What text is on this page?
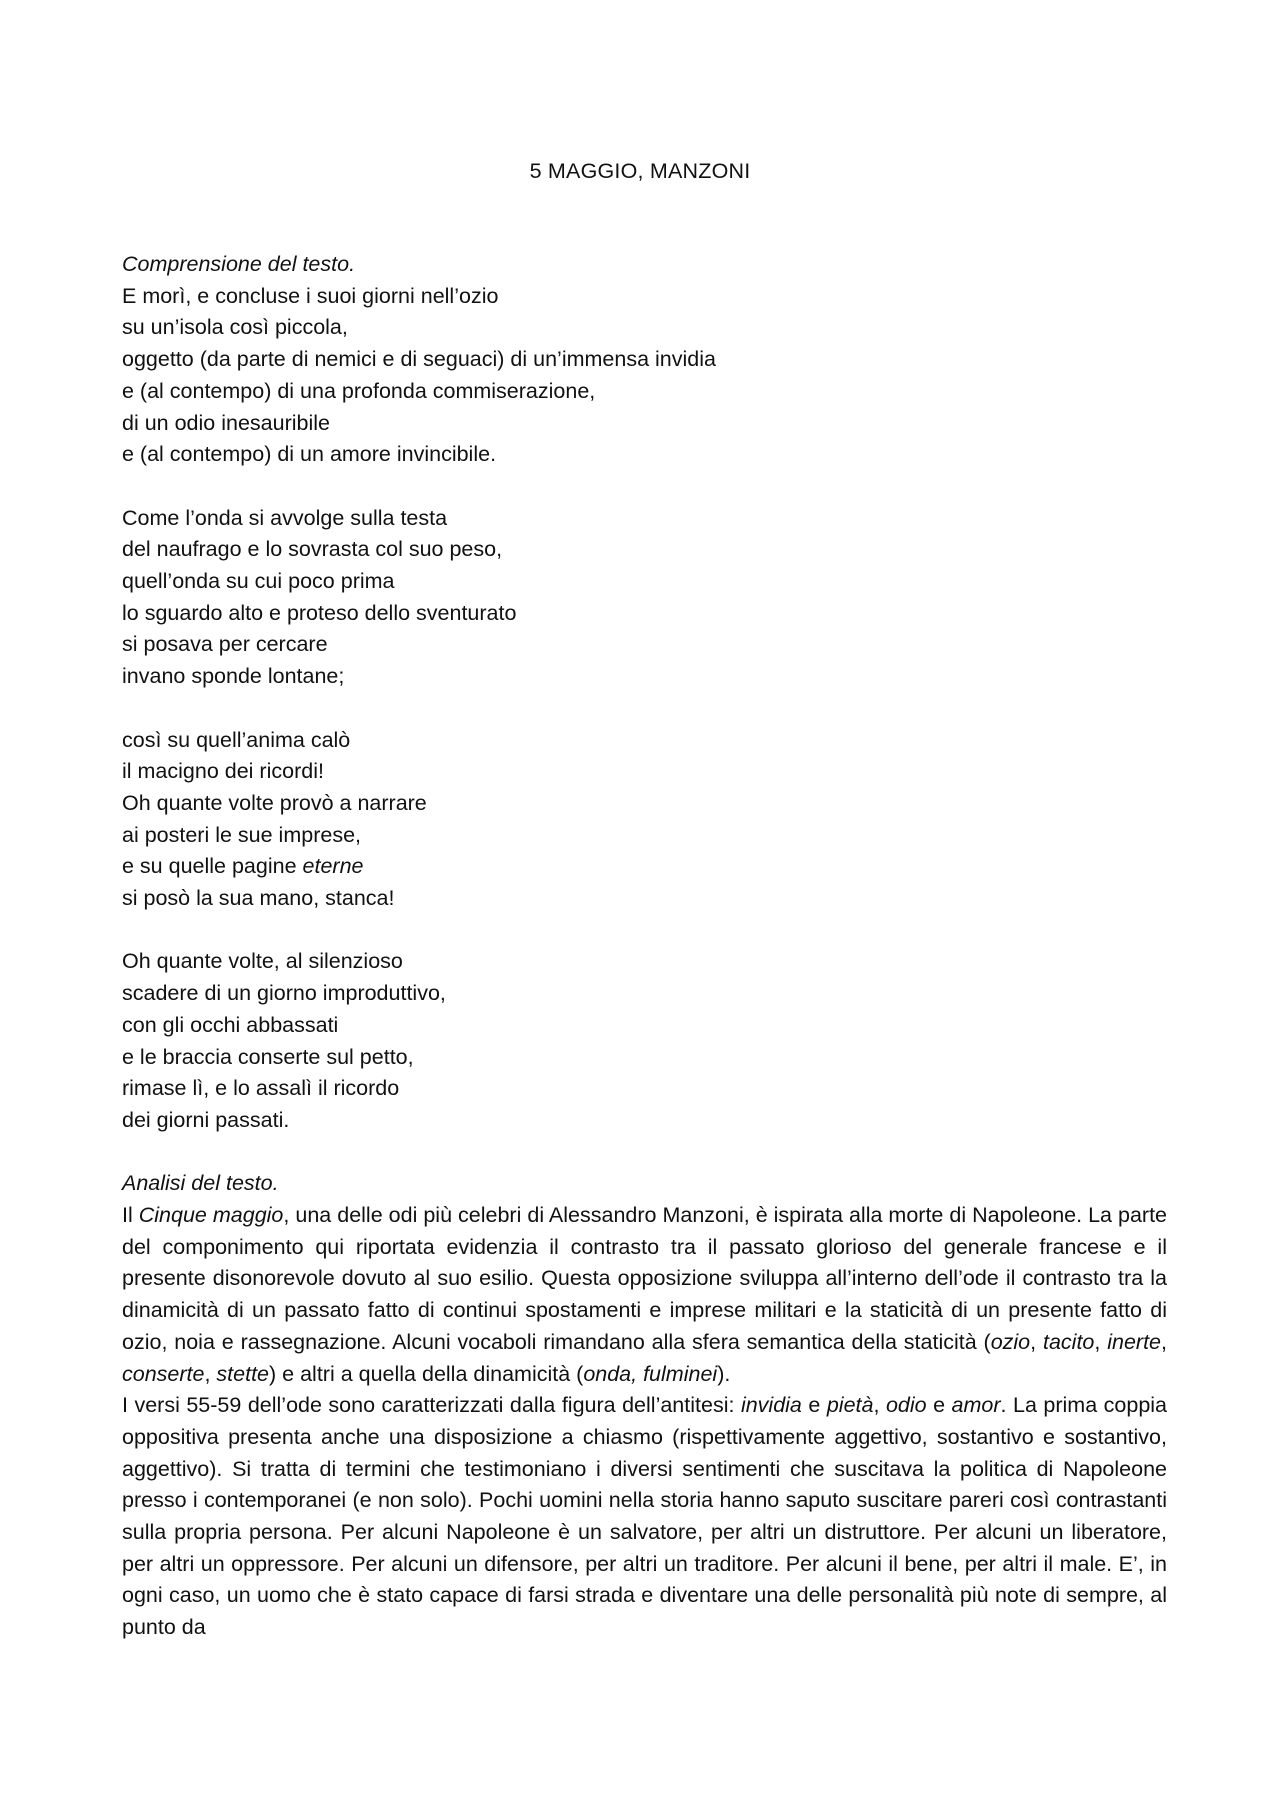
5 MAGGIO, MANZONI
Comprensione del testo.
E morì, e concluse i suoi giorni nell’ozio
su un’isola così piccola,
oggetto (da parte di nemici e di seguaci) di un’immensa invidia
e (al contempo) di una profonda commiserazione,
di un odio inesauribile
e (al contempo) di un amore invincibile.
Come l’onda si avvolge sulla testa
del naufrago e lo sovrasta col suo peso,
quell’onda su cui poco prima
lo sguardo alto e proteso dello sventurato
si posava per cercare
invano sponde lontane;
così su quell’anima calò
il macigno dei ricordi!
Oh quante volte provò a narrare
ai posteri le sue imprese,
e su quelle pagine eterne
si posò la sua mano, stanca!
Oh quante volte, al silenzioso
scadere di un giorno improduttivo,
con gli occhi abbassati
e le braccia conserte sul petto,
rimase lì, e lo assalì il ricordo
dei giorni passati.
Analisi del testo.
Il Cinque maggio, una delle odi più celebri di Alessandro Manzoni, è ispirata alla morte di Napoleone. La parte del componimento qui riportata evidenzia il contrasto tra il passato glorioso del generale francese e il presente disonorevole dovuto al suo esilio. Questa opposizione sviluppa all’interno dell’ode il contrasto tra la dinamicità di un passato fatto di continui spostamenti e imprese militari e la staticità di un presente fatto di ozio, noia e rassegnazione. Alcuni vocaboli rimandano alla sfera semantica della staticità (ozio, tacito, inerte, conserte, stette) e altri a quella della dinamicità (onda, fulminei).
I versi 55-59 dell’ode sono caratterizzati dalla figura dell’antitesi: invidia e pietà, odio e amor. La prima coppia oppositiva presenta anche una disposizione a chiasmo (rispettivamente aggettivo, sostantivo e sostantivo, aggettivo). Si tratta di termini che testimoniano i diversi sentimenti che suscitava la politica di Napoleone presso i contemporanei (e non solo). Pochi uomini nella storia hanno saputo suscitare pareri così contrastanti sulla propria persona. Per alcuni Napoleone è un salvatore, per altri un distruttore. Per alcuni un liberatore, per altri un oppressore. Per alcuni un difensore, per altri un traditore. Per alcuni il bene, per altri il male. E’, in ogni caso, un uomo che è stato capace di farsi strada e diventare una delle personalità più note di sempre, al punto da
